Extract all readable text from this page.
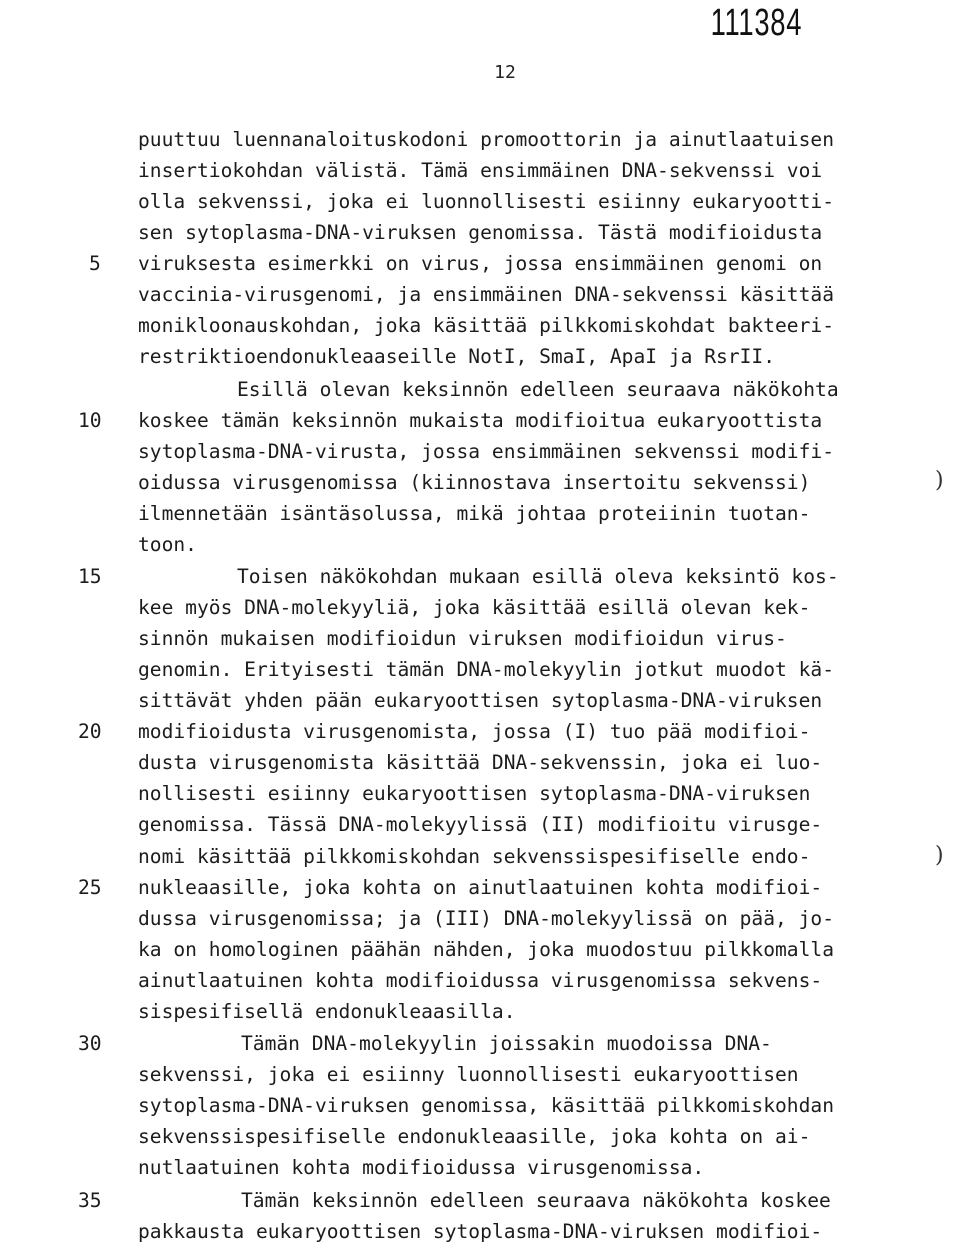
111384
12
puuttuu luennanaloituskodoni promoottorin ja ainutlaatuisen
insertiokohdan välistä. Tämä ensimmäinen DNA-sekvenssi voi
olla sekvenssi, joka ei luonnollisesti esiinny eukaryootti-
sen sytoplasma-DNA-viruksen genomissa. Tästä modifioidusta
viruksesta esimerkki on virus, jossa ensimmäinen genomi on
vaccinia-virusgenomi, ja ensimmäinen DNA-sekvenssi käsittää
monikloonauskohdan, joka käsittää pilkkomiskohdat bakteeri-
restriktioendonukleaaseille NotI, SmaI, ApaI ja RsrII.
Esillä olevan keksinnön edelleen seuraava näkökohta
koskee tämän keksinnön mukaista modifioitua eukaryoottista
sytoplasma-DNA-virusta, jossa ensimmäinen sekvenssi modifi-
oidussa virusgenomissa (kiinnostava insertoitu sekvenssi)
ilmennetään isäntäsolussa, mikä johtaa proteiinin tuotan-
toon.
Toisen näkökohdan mukaan esillä oleva keksintö kos-
kee myös DNA-molekyyliä, joka käsittää esillä olevan kek-
sinnön mukaisen modifioidun viruksen modifioidun virus-
genomin. Erityisesti tämän DNA-molekyylin jotkut muodot kä-
sittävät yhden pään eukaryoottisen sytoplasma-DNA-viruksen
modifioidusta virusgenomista, jossa (I) tuo pää modifioi-
dusta virusgenomista käsittää DNA-sekvenssin, joka ei luo-
nollisesti esiinny eukaryoottisen sytoplasma-DNA-viruksen
genomissa. Tässä DNA-molekyylissä (II) modifioitu virusge-
nomi käsittää pilkkomiskohdan sekvenssispesifiselle endo-
nukleaasille, joka kohta on ainutlaatuinen kohta modifioi-
dussa virusgenomissa; ja (III) DNA-molekyylissä on pää, jo-
ka on homologinen päähän nähden, joka muodostuu pilkkomalla
ainutlaatuinen kohta modifioidussa virusgenomissa sekvens-
sispesifisellä endonukleaasilla.
Tämän DNA-molekyylin joissakin muodoissa DNA-
sekvenssi, joka ei esiinny luonnollisesti eukaryoottisen
sytoplasma-DNA-viruksen genomissa, käsittää pilkkomiskohdan
sekvenssispesifiselle endonukleaasille, joka kohta on ai-
nutlaatuinen kohta modifioidussa virusgenomissa.
Tämän keksinnön edelleen seuraava näkökohta koskee
pakkausta eukaryoottisen sytoplasma-DNA-viruksen modifioi-
5
10
15
20
25
30
35
)
)
